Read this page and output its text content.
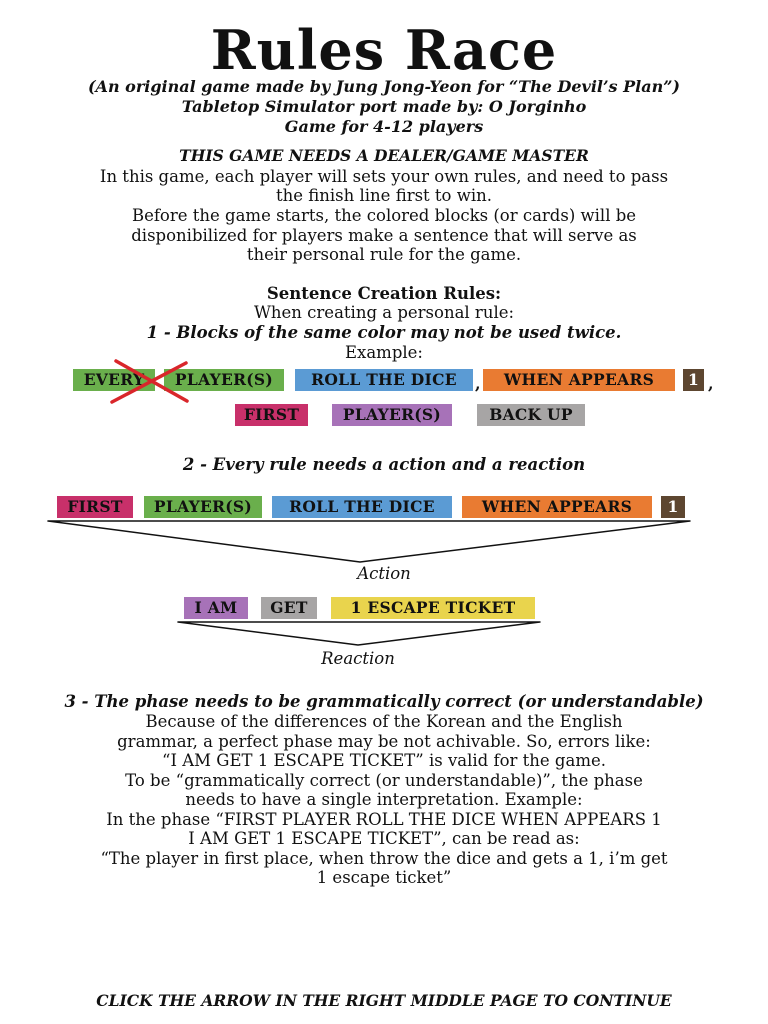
Rules Race
(An original game made by Jung Jong-Yeon for “The Devil’s Plan”)
Tabletop Simulator port made by: O Jorginho
Game for 4-12 players
THIS GAME NEEDS A DEALER/GAME MASTER
In this game, each player will sets your own rules, and need to pass
the finish line first to win.
Before the game starts, the colored blocks (or cards) will be
disponibilized for players make a sentence that will serve as
their personal rule for the game.
Sentence Creation Rules:
When creating a personal rule:
1 - Blocks of the same color may not be used twice.
Example:
EVERY	PLAYER(S)	ROLL THE DICE	,	WHEN APPEARS	1 ,
FIRST	PLAYER(S)	BACK UP
2 - Every rule needs a action and a reaction
FIRST	PLAYER(S)	ROLL THE DICE	WHEN APPEARS	1
Action
I AM	GET	1 ESCAPE TICKET
Reaction
3 - The phase needs to be grammatically correct (or understandable)
Because of the differences of the Korean and the English
grammar, a perfect phase may be not achivable. So, errors like:
“I AM GET 1 ESCAPE TICKET” is valid for the game.
To be “grammatically correct (or understandable)”, the phase
needs to have a single interpretation. Example:
In the phase “FIRST PLAYER ROLL THE DICE WHEN APPEARS 1
I AM GET 1 ESCAPE TICKET”, can be read as:
“The player in first place, when throw the dice and gets a 1, i’m get
1 escape ticket”
CLICK THE ARROW IN THE RIGHT MIDDLE PAGE TO CONTINUE
